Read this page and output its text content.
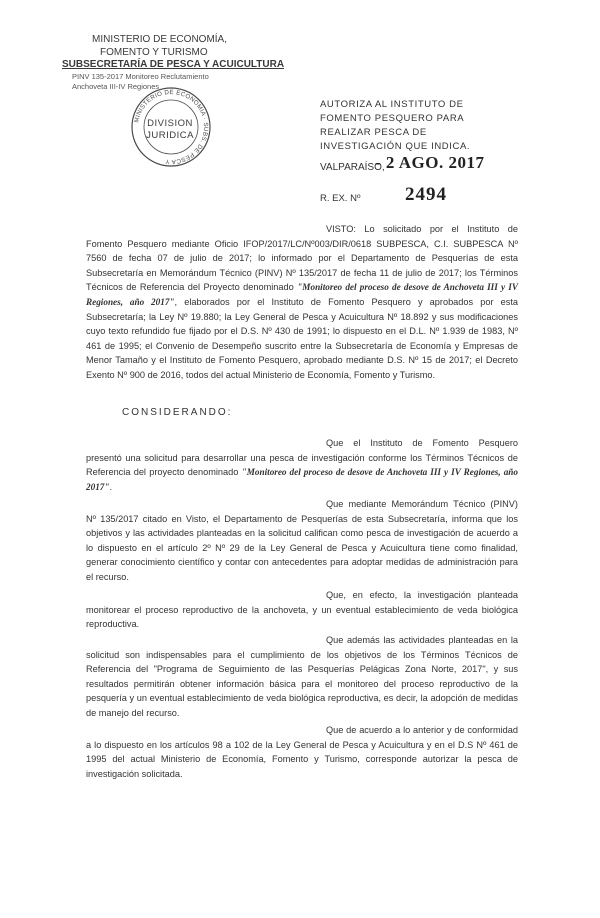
MINISTERIO DE ECONOMÍA,
FOMENTO Y TURISMO
SUBSECRETARÍA DE PESCA Y ACUICULTURA
PINV 135-2017 Monitoreo Reclutamiento
Anchoveta III-IV Regiones
MINISTERIO DE ECONOMIA · SUBS. DE PESCA Y
DIVISION
JURIDICA
AUTORIZA AL INSTITUTO DE FOMENTO PESQUERO PARA REALIZAR PESCA DE INVESTIGACIÓN QUE INDICA.
VALPARAÍSO,
- 2 AGO. 2017
R. EX. Nº 2494
VISTO: Lo solicitado por el Instituto de Fomento Pesquero mediante Oficio IFOP/2017/LC/Nº003/DIR/0618 SUBPESCA, C.I. SUBPESCA Nº 7560 de fecha 07 de julio de 2017; lo informado por el Departamento de Pesquerías de esta Subsecretaría en Memorándum Técnico (PINV) Nº 135/2017 de fecha 11 de julio de 2017; los Términos Técnicos de Referencia del Proyecto denominado "Monitoreo del proceso de desove de Anchoveta III y IV Regiones, año 2017", elaborados por el Instituto de Fomento Pesquero y aprobados por esta Subsecretaría; la Ley Nº 19.880; la Ley General de Pesca y Acuicultura Nº 18.892 y sus modificaciones cuyo texto refundido fue fijado por el D.S. Nº 430 de 1991; lo dispuesto en el D.L. Nº 1.939 de 1983, Nº 461 de 1995; el Convenio de Desempeño suscrito entre la Subsecretaría de Economía y Empresas de Menor Tamaño y el Instituto de Fomento Pesquero, aprobado mediante D.S. Nº 15 de 2017; el Decreto Exento Nº 900 de 2016, todos del actual Ministerio de Economía, Fomento y Turismo.
CONSIDERANDO:
Que el Instituto de Fomento Pesquero presentó una solicitud para desarrollar una pesca de investigación conforme los Términos Técnicos de Referencia del proyecto denominado "Monitoreo del proceso de desove de Anchoveta III y IV Regiones, año 2017".
Que mediante Memorándum Técnico (PINV) Nº 135/2017 citado en Visto, el Departamento de Pesquerías de esta Subsecretaría, informa que los objetivos y las actividades planteadas en la solicitud califican como pesca de investigación de acuerdo a lo dispuesto en el artículo 2º Nº 29 de la Ley General de Pesca y Acuicultura tiene como finalidad, generar conocimiento científico y contar con antecedentes para adoptar medidas de administración para el recurso.
Que, en efecto, la investigación planteada monitorear el proceso reproductivo de la anchoveta, y un eventual establecimiento de veda biológica reproductiva.
Que además las actividades planteadas en la solicitud son indispensables para el cumplimiento de los objetivos de los Términos Técnicos de Referencia del "Programa de Seguimiento de las Pesquerías Pelágicas Zona Norte, 2017", y sus resultados permitirán obtener información básica para el monitoreo del proceso reproductivo de la pesquería y un eventual establecimiento de veda biológica reproductiva, es decir, la adopción de medidas de manejo del recurso.
Que de acuerdo a lo anterior y de conformidad a lo dispuesto en los artículos 98 a 102 de la Ley General de Pesca y Acuicultura y en el D.S Nº 461 de 1995 del actual Ministerio de Economía, Fomento y Turismo, corresponde autorizar la pesca de investigación solicitada.
